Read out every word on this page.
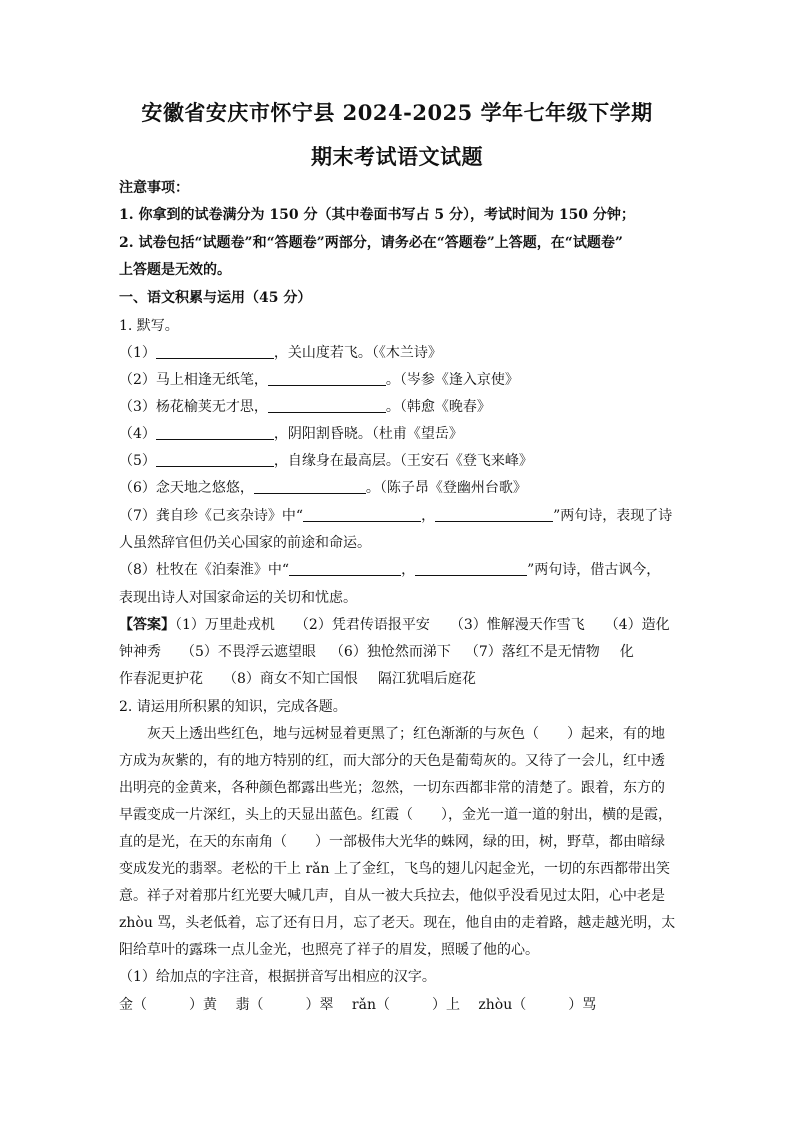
安徽省安庆市怀宁县 2024-2025 学年七年级下学期
期末考试语文试题
注意事项：
1. 你拿到的试卷满分为 150 分（其中卷面书写占 5 分），考试时间为 150 分钟；
2. 试卷包括“试题卷”和“答题卷”两部分，请务必在“答题卷”上答题，在“试题卷”
上答题是无效的。
一、语文积累与运用（45 分）
1. 默写。
（1）	，关山度若飞。（《木兰诗》
（2）马上相逢无纸笔，	。（岑参《逢入京使》
（3）杨花榆荚无才思，	。（韩愈《晚春》
（4）	，阴阳割昏晓。（杜甫《望岳》
（5）	，自缘身在最高层。（王安石《登飞来峰》
（6）念天地之悠悠，	。（陈子昂《登幽州台歌》
（7）龚自珍《己亥杂诗》中“	，	”两句诗，表现了诗
人虽然辞官但仍关心国家的前途和命运。
（8）杜牧在《泊秦淮》中“	，	”两句诗，借古讽今，
表现出诗人对国家命运的关切和忧虑。
【答案】（1）万里赴戎机 （2）凭君传语报平安 （3）惟解漫天作雪飞 （4）造化
钟神秀 （5）不畏浮云遮望眼 （6）独怆然而涕下 （7）落红不是无情物 化
作春泥更护花 （8）商女不知亡国恨 隔江犹唱后庭花
2. 请运用所积累的知识，完成各题。
灰天上透出些红色，地与远树显着更黑了；红色渐渐的与灰色（　　）起来，有的地
方成为灰紫的，有的地方特别的红，而大部分的天色是葡萄灰的。又待了一会儿，红中透
出明亮的金黄来，各种颜色都露出些光；忽然，一切东西都非常的清楚了。跟着，东方的
早霞变成一片深红，头上的天显出蓝色。红霞（　　），金光一道一道的射出，横的是霞，
直的是光，在天的东南角（　　）一部极伟大光华的蛛网，绿的田，树，野草，都由暗绿
变成发光的翡翠。老松的干上 rǎn 上了金红，飞鸟的翅儿闪起金光，一切的东西都带出笑
意。祥子对着那片红光要大喊几声，自从一被大兵拉去，他似乎没看见过太阳，心中老是
zhòu 骂，头老低着，忘了还有日月，忘了老天。现在，他自由的走着路，越走越光明，太
阳给草叶的露珠一点儿金光，也照亮了祥子的眉发，照暖了他的心。
（1）给加点的字注音，根据拼音写出相应的汉字。
金（　　　）黄　 翡（　　　）翠　 rǎn（　　　）上　 zhòu（　　　）骂
